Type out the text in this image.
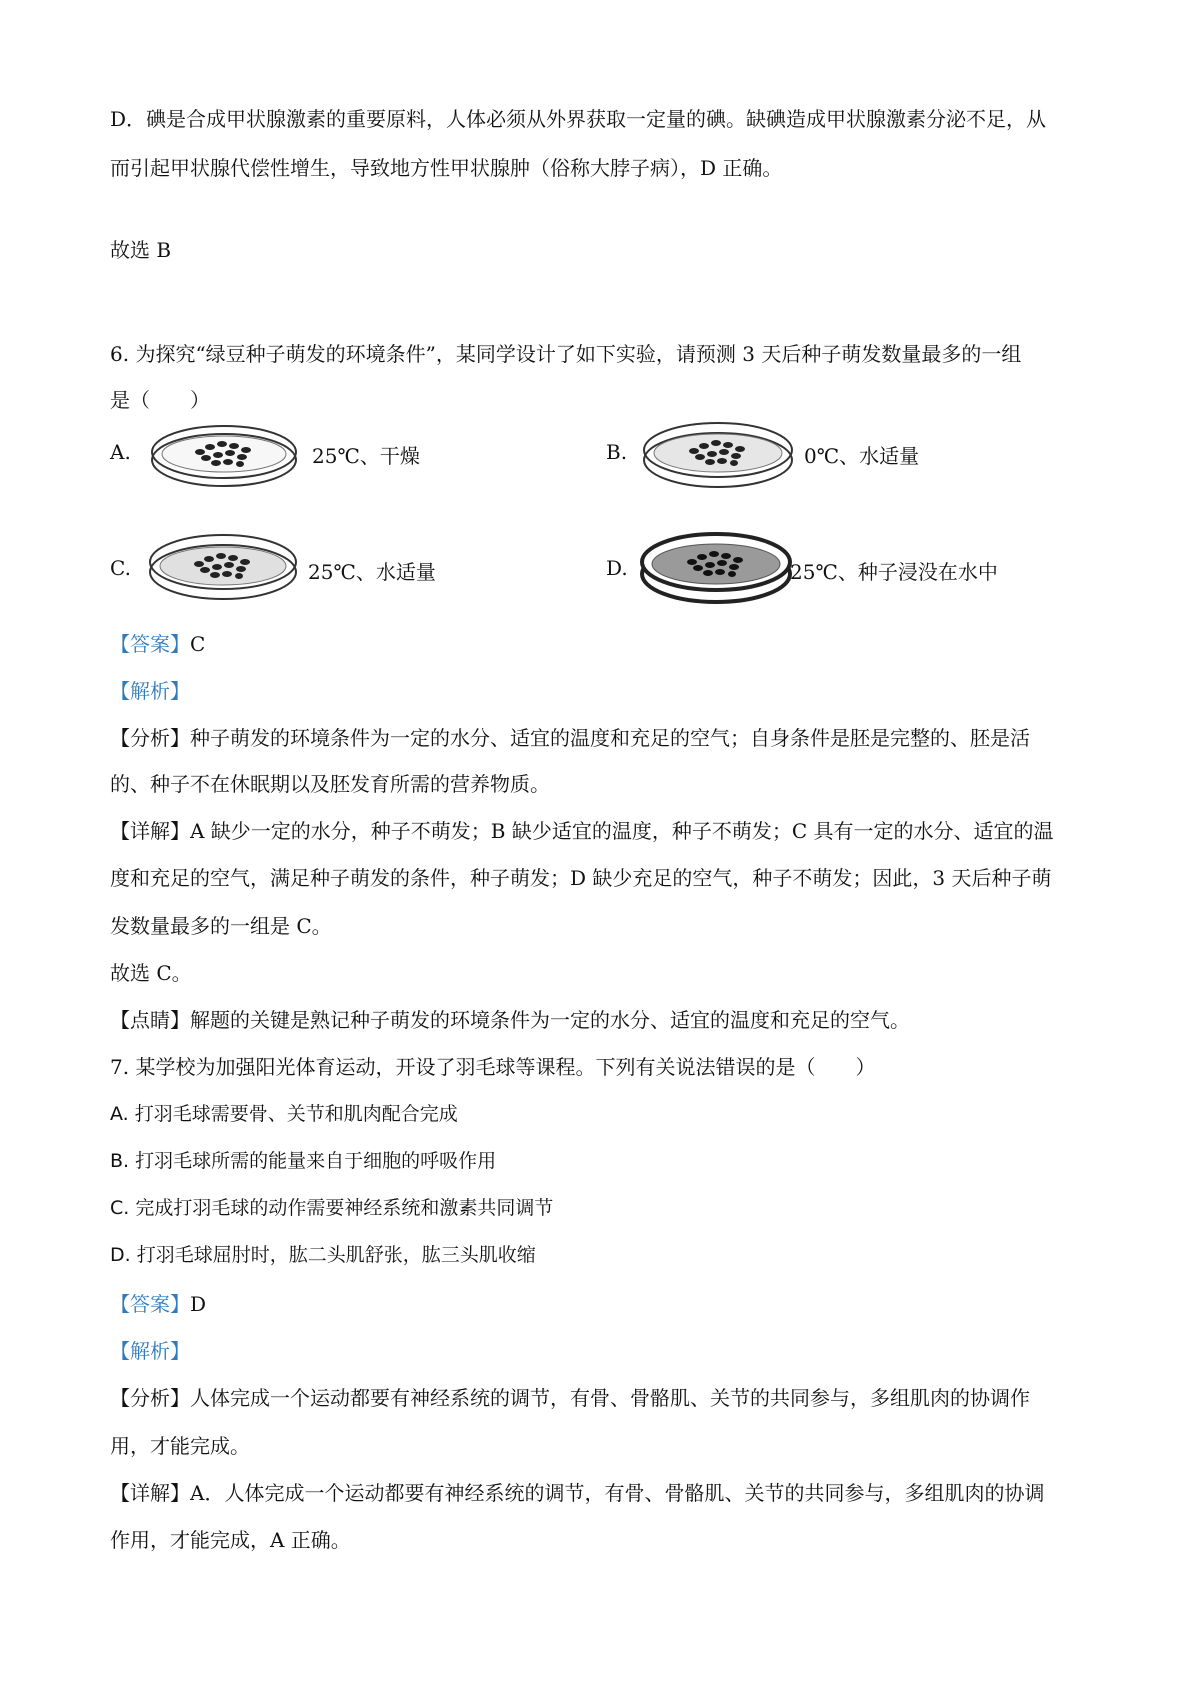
D．碘是合成甲状腺激素的重要原料，人体必须从外界获取一定量的碘。缺碘造成甲状腺激素分泌不足，从
而引起甲状腺代偿性增生，导致地方性甲状腺肿（俗称大脖子病），D 正确。
故选 B
6. 为探究“绿豆种子萌发的环境条件”，某同学设计了如下实验，请预测 3 天后种子萌发数量最多的一组
是（　　）
A.	25℃、干燥	B.	0℃、水适量
C.	25℃、水适量	D.	25℃、种子浸没在水中
【答案】C
【解析】
【分析】种子萌发的环境条件为一定的水分、适宜的温度和充足的空气；自身条件是胚是完整的、胚是活
的、种子不在休眠期以及胚发育所需的营养物质。
【详解】A 缺少一定的水分，种子不萌发；B 缺少适宜的温度，种子不萌发；C 具有一定的水分、适宜的温
度和充足的空气，满足种子萌发的条件，种子萌发；D 缺少充足的空气，种子不萌发；因此，3 天后种子萌
发数量最多的一组是 C。
故选 C。
【点睛】解题的关键是熟记种子萌发的环境条件为一定的水分、适宜的温度和充足的空气。
7. 某学校为加强阳光体育运动，开设了羽毛球等课程。下列有关说法错误的是（　　）
A. 打羽毛球需要骨、关节和肌肉配合完成
B. 打羽毛球所需的能量来自于细胞的呼吸作用
C. 完成打羽毛球的动作需要神经系统和激素共同调节
D. 打羽毛球屈肘时，肱二头肌舒张，肱三头肌收缩
【答案】D
【解析】
【分析】人体完成一个运动都要有神经系统的调节，有骨、骨骼肌、关节的共同参与，多组肌肉的协调作
用，才能完成。
【详解】A．人体完成一个运动都要有神经系统的调节，有骨、骨骼肌、关节的共同参与，多组肌肉的协调
作用，才能完成，A 正确。
